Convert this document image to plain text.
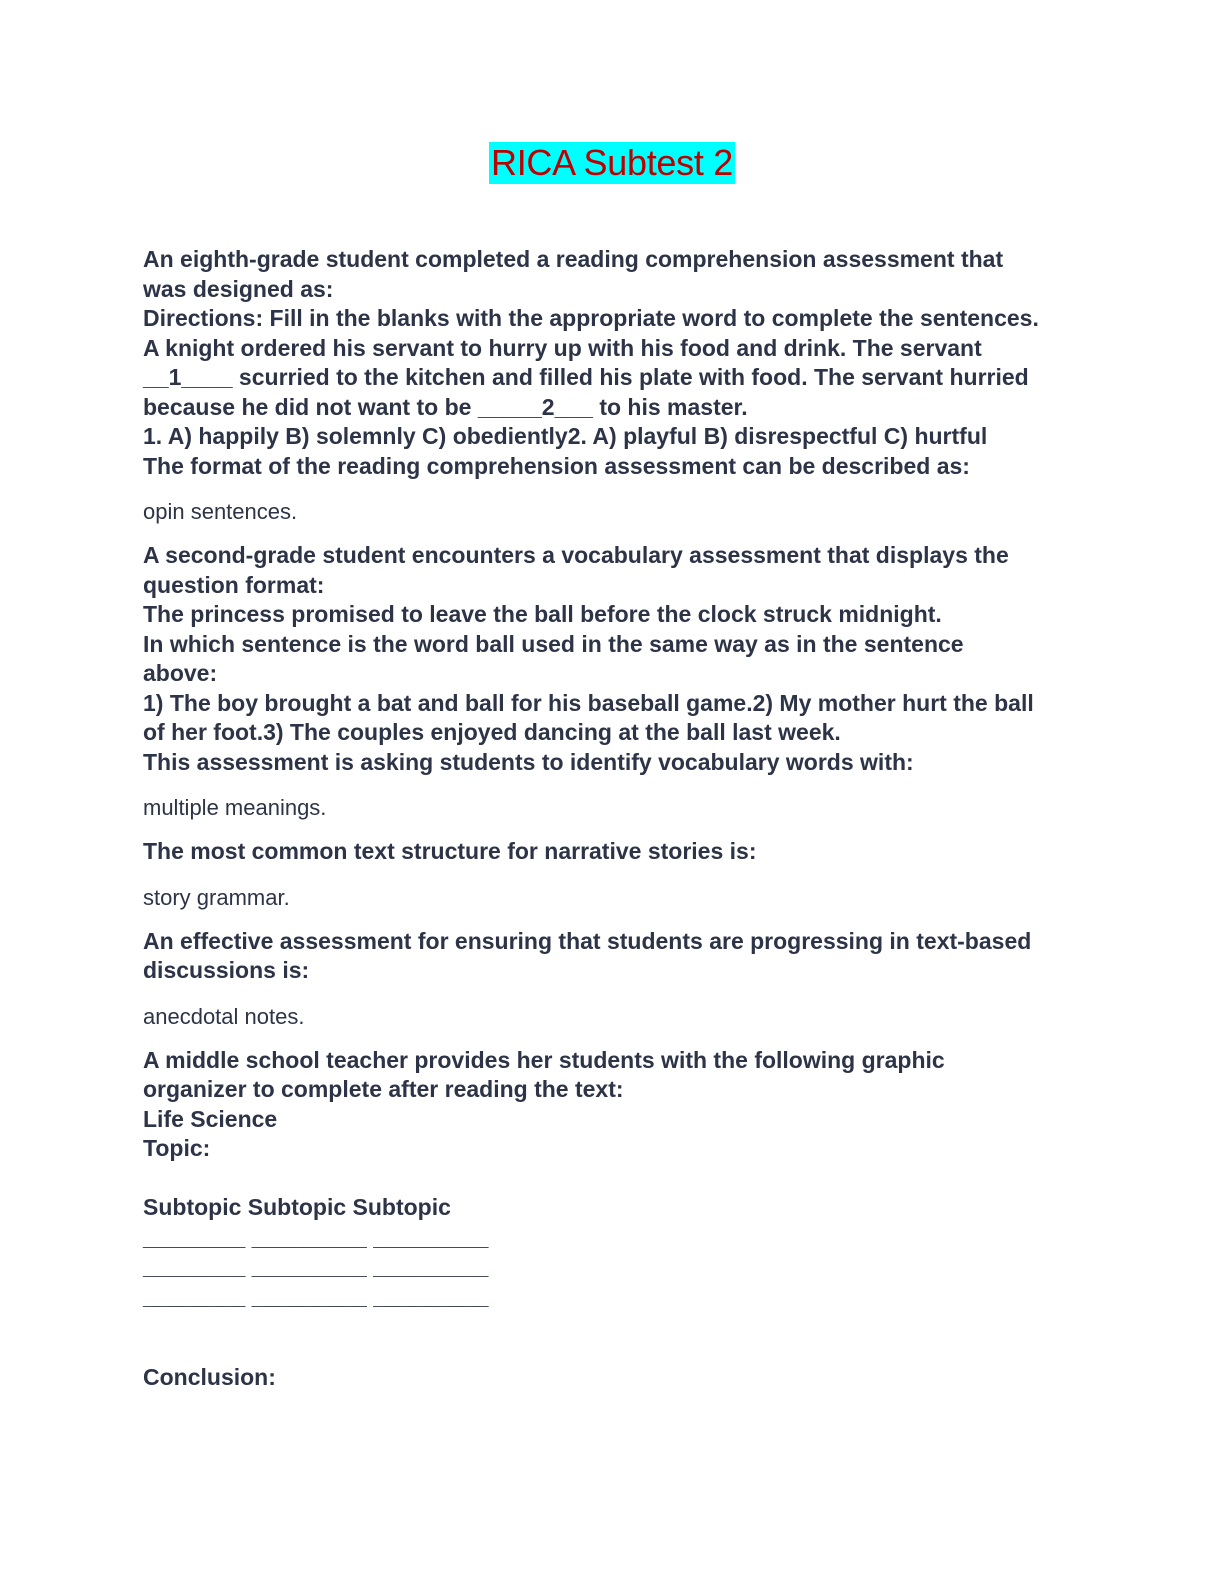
RICA Subtest 2
An eighth-grade student completed a reading comprehension assessment that
was designed as:
Directions: Fill in the blanks with the appropriate word to complete the sentences.
A knight ordered his servant to hurry up with his food and drink. The servant
__1____ scurried to the kitchen and filled his plate with food. The servant hurried
because he did not want to be _____2___ to his master.
1. A) happily B) solemnly C) obediently2. A) playful B) disrespectful C) hurtful
The format of the reading comprehension assessment can be described as:
opin sentences.
A second-grade student encounters a vocabulary assessment that displays the
question format:
The princess promised to leave the ball before the clock struck midnight.
In which sentence is the word ball used in the same way as in the sentence
above:
1) The boy brought a bat and ball for his baseball game.2) My mother hurt the ball
of her foot.3) The couples enjoyed dancing at the ball last week.
This assessment is asking students to identify vocabulary words with:
multiple meanings.
The most common text structure for narrative stories is:
story grammar.
An effective assessment for ensuring that students are progressing in text-based
discussions is:
anecdotal notes.
A middle school teacher provides her students with the following graphic
organizer to complete after reading the text:
Life Science
Topic:
Subtopic Subtopic Subtopic
________ _________ _________
________ _________ _________
________ _________ _________
Conclusion:
